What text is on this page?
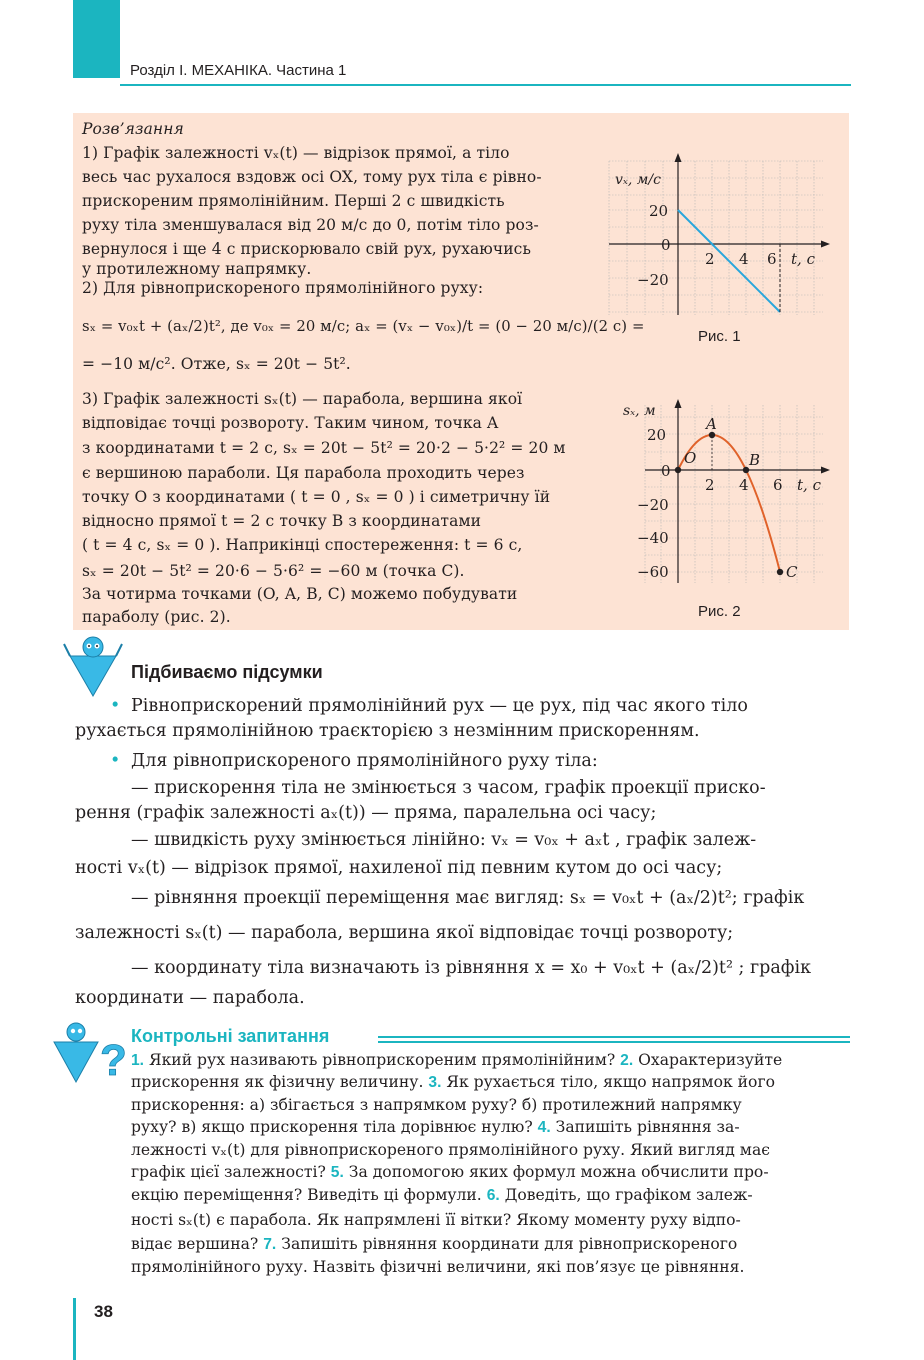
Розділ I. МЕХАНІКА. Частина 1
Розв’язання
1) Графік залежності vₓ(t) — відрізок прямої, а тіло
весь час рухалося вздовж осі OX, тому рух тіла є рівно-
прискореним прямолінійним. Перші 2 с швидкість
руху тіла зменшувалася від 20 м/с до 0, потім тіло роз-
вернулося і ще 4 с прискорювало свій рух, рухаючись
у протилежному напрямку.
2) Для рівноприскореного прямолінійного руху:
sₓ = v₀ₓt + (aₓ/2)t², де v₀ₓ = 20 м/с; aₓ = (vₓ − v₀ₓ)/t = (0 − 20 м/с)/(2 с) =
= −10 м/с². Отже, sₓ = 20t − 5t².
3) Графік залежності sₓ(t) — парабола, вершина якої
відповідає точці розвороту. Таким чином, точка A
з координатами t = 2 с, sₓ = 20t − 5t² = 20·2 − 5·2² = 20 м
є вершиною параболи. Ця парабола проходить через
точку O з координатами ( t = 0 , sₓ = 0 ) і симетричну їй
відносно прямої t = 2 с точку B з координатами
( t = 4 с, sₓ = 0 ). Наприкінці спостереження: t = 6 с,
sₓ = 20t − 5t² = 20·6 − 5·6² = −60 м (точка C).
За чотирма точками (O, A, B, C) можемо побудувати
параболу (рис. 2).
20
0
−20
2 4 6 t, с
vₓ, м/с
Рис. 1
20
0
−20
−40
−60
2 4 6 t, с
sₓ, м
O
A
B
C
Рис. 2
Підбиваємо підсумки
• Рівноприскорений прямолінійний рух — це рух, під час якого тіло
рухається прямолінійною траєкторією з незмінним прискоренням.
• Для рівноприскореного прямолінійного руху тіла:
— прискорення тіла не змінюється з часом, графік проекції приско-
рення (графік залежності aₓ(t)) — пряма, паралельна осі часу;
— швидкість руху змінюється лінійно: vₓ = v₀ₓ + aₓt , графік залеж-
ності vₓ(t) — відрізок прямої, нахиленої під певним кутом до осі часу;
— рівняння проекції переміщення має вигляд: sₓ = v₀ₓt + (aₓ/2)t²; графік
залежності sₓ(t) — парабола, вершина якої відповідає точці розвороту;
— координату тіла визначають із рівняння x = x₀ + v₀ₓt + (aₓ/2)t² ; графік
координати — парабола.
? Контрольні запитання
1. Який рух називають рівноприскореним прямолінійним? 2. Охарактеризуйте
прискорення як фізичну величину. 3. Як рухається тіло, якщо напрямок його
прискорення: а) збігається з напрямком руху? б) протилежний напрямку
руху? в) якщо прискорення тіла дорівнює нулю? 4. Запишіть рівняння за-
лежності vₓ(t) для рівноприскореного прямолінійного руху. Який вигляд має
графік цієї залежності? 5. За допомогою яких формул можна обчислити про-
екцію переміщення? Виведіть ці формули. 6. Доведіть, що графіком залеж-
ності sₓ(t) є парабола. Як напрямлені її вітки? Якому моменту руху відпо-
відає вершина? 7. Запишіть рівняння координати для рівноприскореного
прямолінійного руху. Назвіть фізичні величини, які пов’язує це рівняння.
38
